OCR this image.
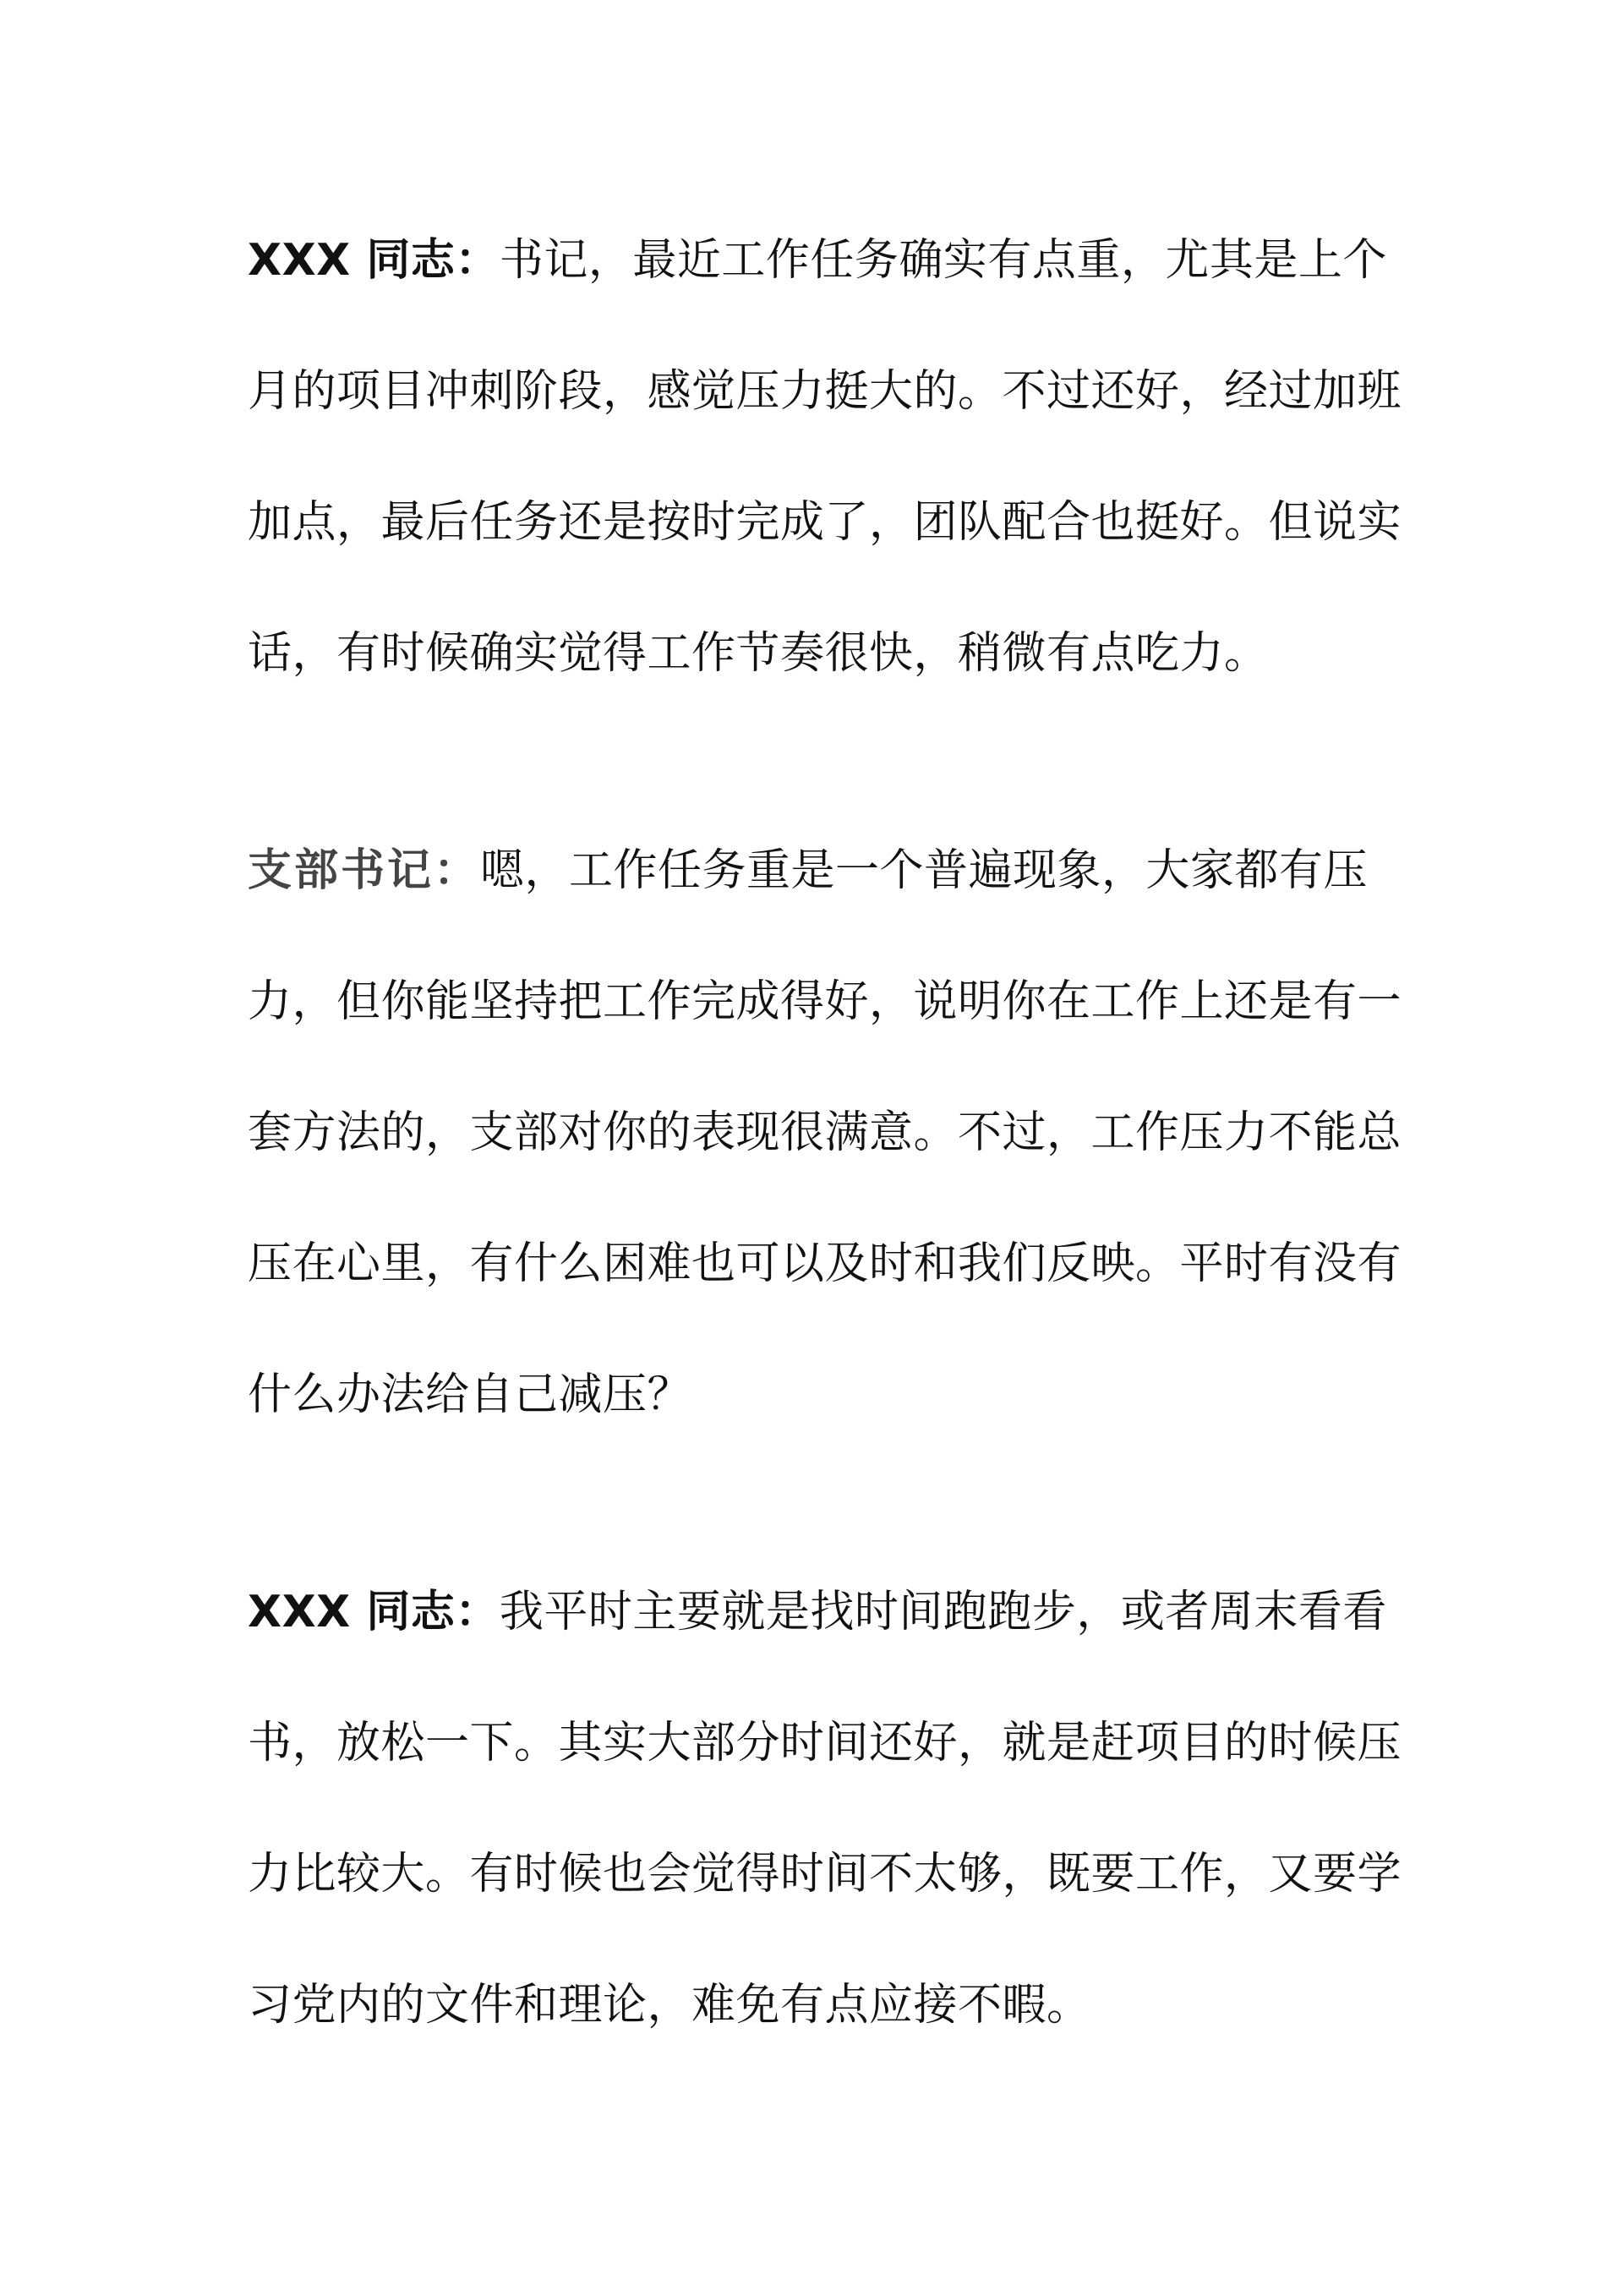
XXX 同志：书记，最近工作任务确实有点重，尤其是上个月的项目冲刺阶段，感觉压力挺大的。不过还好，经过加班加点，最后任务还是按时完成了，团队配合也挺好。但说实话，有时候确实觉得工作节奏很快，稍微有点吃力。

支部书记：嗯，工作任务重是一个普遍现象，大家都有压力，但你能坚持把工作完成得好，说明你在工作上还是有一套方法的，支部对你的表现很满意。不过，工作压力不能总压在心里，有什么困难也可以及时和我们反映。平时有没有什么办法给自己减压？

XXX 同志：我平时主要就是找时间跑跑步，或者周末看看书，放松一下。其实大部分时间还好，就是赶项目的时候压力比较大。有时候也会觉得时间不太够，既要工作，又要学习党内的文件和理论，难免有点应接不暇。
